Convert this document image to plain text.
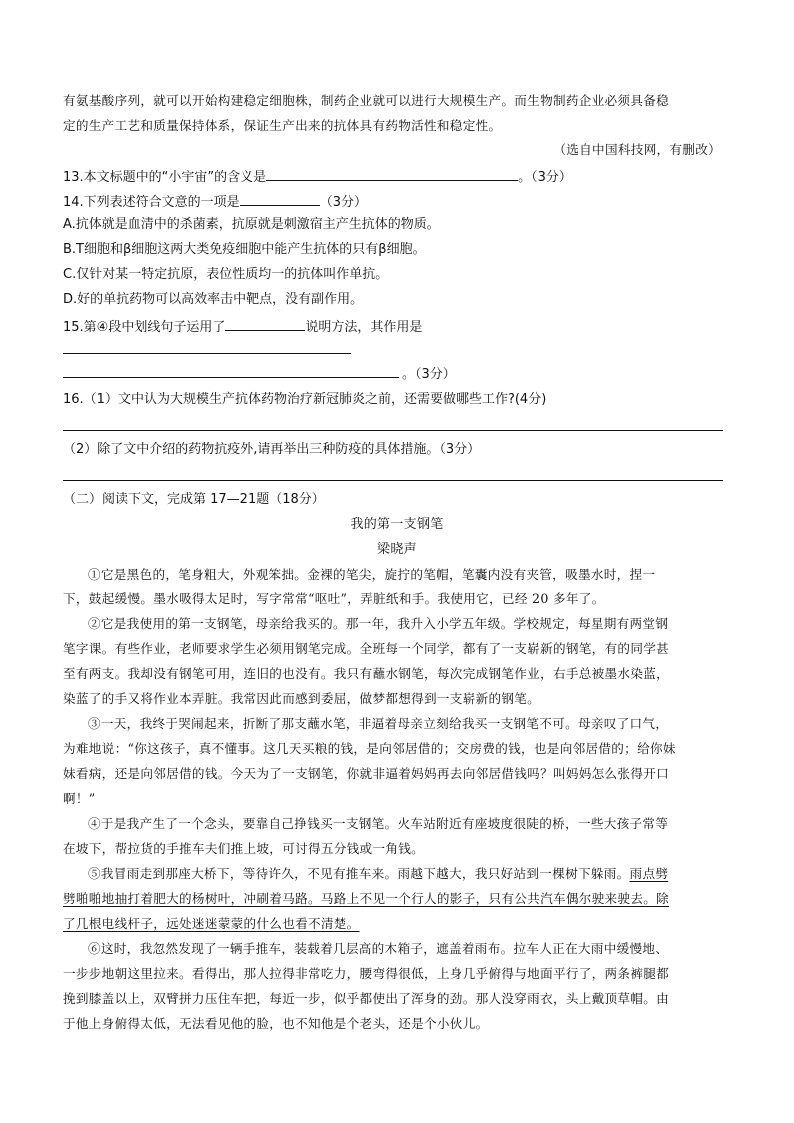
有氨基酸序列，就可以开始构建稳定细胞株，制药企业就可以进行大规模生产。而生物制药企业必须具备稳
定的生产工艺和质量保持体系，保证生产出来的抗体具有药物活性和稳定性。
（选自中国科技网，有删改）
13.本文标题中的“小宇宙”的含义是	。（3分）
14.下列表述符合文意的一项是	（3分）
A.抗体就是血清中的杀菌素，抗原就是刺激宿主产生抗体的物质。
B.T细胞和β细胞这两大类免疫细胞中能产生抗体的只有β细胞。
C.仅针对某一特定抗原，表位性质均一的抗体叫作单抗。
D.好的单抗药物可以高效率击中靶点，没有副作用。
15.第④段中划线句子运用了	说明方法，其作用是
。（3分）
16.（1）文中认为大规模生产抗体药物治疗新冠肺炎之前，还需要做哪些工作?(4分)
（2）除了文中介绍的药物抗疫外,请再举出三种防疫的具体措施。（3分）
（二）阅读下文，完成第 17—21题（18分）
我的第一支钢笔
梁晓声
①它是黑色的，笔身粗大，外观笨拙。金裸的笔尖，旋拧的笔帽，笔囊内没有夹管，吸墨水时，捏一
下，鼓起缓慢。墨水吸得太足时，写字常常“呕吐”，弄脏纸和手。我使用它，已经 20 多年了。
②它是我使用的第一支钢笔，母亲给我买的。那一年，我升入小学五年级。学校规定，每星期有两堂钢
笔字课。有些作业，老师要求学生必须用钢笔完成。全班每一个同学，都有了一支崭新的钢笔，有的同学甚
至有两支。我却没有钢笔可用，连旧的也没有。我只有蘸水钢笔，每次完成钢笔作业，右手总被墨水染蓝，
染蓝了的手又将作业本弄脏。我常因此而感到委屈，做梦都想得到一支崭新的钢笔。
③一天，我终于哭闹起来，折断了那支蘸水笔，非逼着母亲立刻给我买一支钢笔不可。母亲叹了口气，
为难地说：“你这孩子，真不懂事。这几天买粮的钱，是向邻居借的；交房费的钱，也是向邻居借的；给你妹
妹看病，还是向邻居借的钱。今天为了一支钢笔，你就非逼着妈妈再去向邻居借钱吗？叫妈妈怎么张得开口
啊！”
④于是我产生了一个念头，要靠自己挣钱买一支钢笔。火车站附近有座坡度很陡的桥，一些大孩子常等
在坡下，帮拉货的手推车夫们推上坡，可讨得五分钱或一角钱。
⑤我冒雨走到那座大桥下，等待许久，不见有推车来。雨越下越大，我只好站到一棵树下躲雨。雨点劈
劈啪啪地抽打着肥大的杨树叶，冲刷着马路。马路上不见一个行人的影子，只有公共汽车偶尔驶来驶去。除
了几根电线杆子，远处迷迷蒙蒙的什么也看不清楚。
⑥这时，我忽然发现了一辆手推车，装载着几层高的木箱子，遮盖着雨布。拉车人正在大雨中缓慢地、
一步步地朝这里拉来。看得出，那人拉得非常吃力，腰弯得很低，上身几乎俯得与地面平行了，两条裤腿都
挽到膝盖以上，双臂拼力压住车把，每近一步，似乎都使出了浑身的劲。那人没穿雨衣，头上戴顶草帽。由
于他上身俯得太低，无法看见他的脸，也不知他是个老头，还是个小伙儿。
